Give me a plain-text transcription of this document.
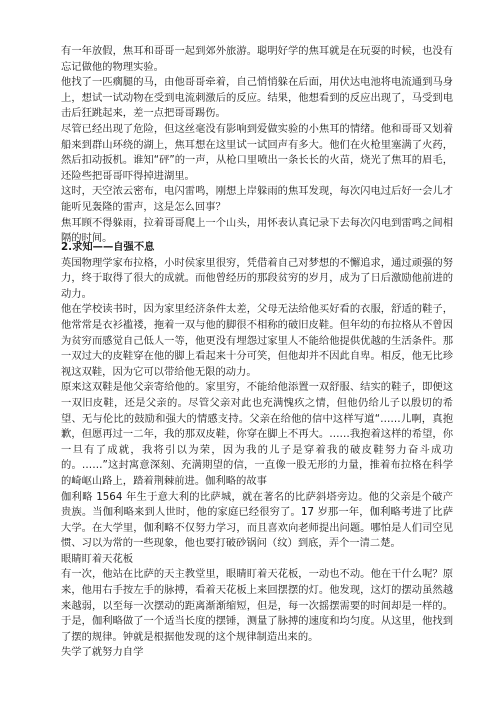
有一年放假，焦耳和哥哥一起到郊外旅游。聪明好学的焦耳就是在玩耍的时候，也没有忘记做他的物理实验。

他找了一匹瘸腿的马，由他哥哥牵着，自己悄悄躲在后面，用伏达电池将电流通到马身上，想试一试动物在受到电流刺激后的反应。结果，他想看到的反应出现了，马受到电击后狂跳起来，差一点把哥哥踢伤。

尽管已经出现了危险，但这丝毫没有影响到爱做实验的小焦耳的情绪。他和哥哥又划着船来到群山环绕的湖上，焦耳想在这里试一试回声有多大。他们在火枪里塞满了火药，然后扣动扳机。谁知“砰”的一声，从枪口里喷出一条长长的火苗，烧光了焦耳的眉毛，还险些把哥哥吓得掉进湖里。

这时，天空浓云密布，电闪雷鸣，刚想上岸躲雨的焦耳发现，每次闪电过后好一会儿才能听见轰隆的雷声，这是怎么回事？

焦耳顾不得躲雨，拉着哥哥爬上一个山头，用怀表认真记录下去每次闪电到雷鸣之间相隔的时间。

2.求知——自强不息

英国物理学家布拉格，小时侯家里很穷，凭借着自己对梦想的不懈追求，通过顽强的努力，终于取得了很大的成就。而他曾经历的那段贫穷的岁月，成为了日后激励他前进的动力。

他在学校读书时，因为家里经济条件太差，父母无法给他买好看的衣服，舒适的鞋子，他常常是衣衫褴褛，拖着一双与他的脚很不相称的破旧皮鞋。但年幼的布拉格从不曾因为贫穷而感觉自己低人一等，他更没有埋怨过家里人不能给他提供优越的生活条件。那一双过大的皮鞋穿在他的脚上看起来十分可笑，但他却并不因此自卑。相反，他无比珍视这双鞋，因为它可以带给他无限的动力。

原来这双鞋是他父亲寄给他的。家里穷，不能给他添置一双舒服、结实的鞋子，即便这一双旧皮鞋，还是父亲的。尽管父亲对此也充满愧疚之情，但他仍给儿子以殷切的希望、无与伦比的鼓励和强大的情感支持。父亲在给他的信中这样写道“……儿啊，真抱歉，但愿再过一二年，我的那双皮鞋，你穿在脚上不再大。……我抱着这样的希望，你一旦有了成就，我将引以为荣，因为我的儿子是穿着我的破皮鞋努力奋斗成功的。……”这封寓意深刻、充满期望的信，一直像一股无形的力量，推着布拉格在科学的崎岖山路上，踏着荆棘前进。伽利略的故事

伽利略 1564 年生于意大利的比萨城，就在著名的比萨斜塔旁边。他的父亲是个破产贵族。当伽利略来到人世时，他的家庭已经很穷了。17 岁那一年，伽利略考进了比萨大学。在大学里，伽利略不仅努力学习，而且喜欢向老师提出问题。哪怕是人们司空见惯、习以为常的一些现象，他也要打破砂锅问（纹）到底，弄个一清二楚。

眼睛盯着天花板

有一次，他站在比萨的天主教堂里，眼睛盯着天花板，一动也不动。他在干什么呢？原来，他用右手按左手的脉搏，看着天花板上来回摆摆的灯。他发现，这灯的摆动虽然越来越弱，以至每一次摆动的距离渐渐缩短，但是，每一次摇摆需要的时间却是一样的。于是，伽利略做了一个适当长度的摆锤，测量了脉搏的速度和均匀度。从这里，他找到了摆的规律。钟就是根据他发现的这个规律制造出来的。

失学了就努力自学
